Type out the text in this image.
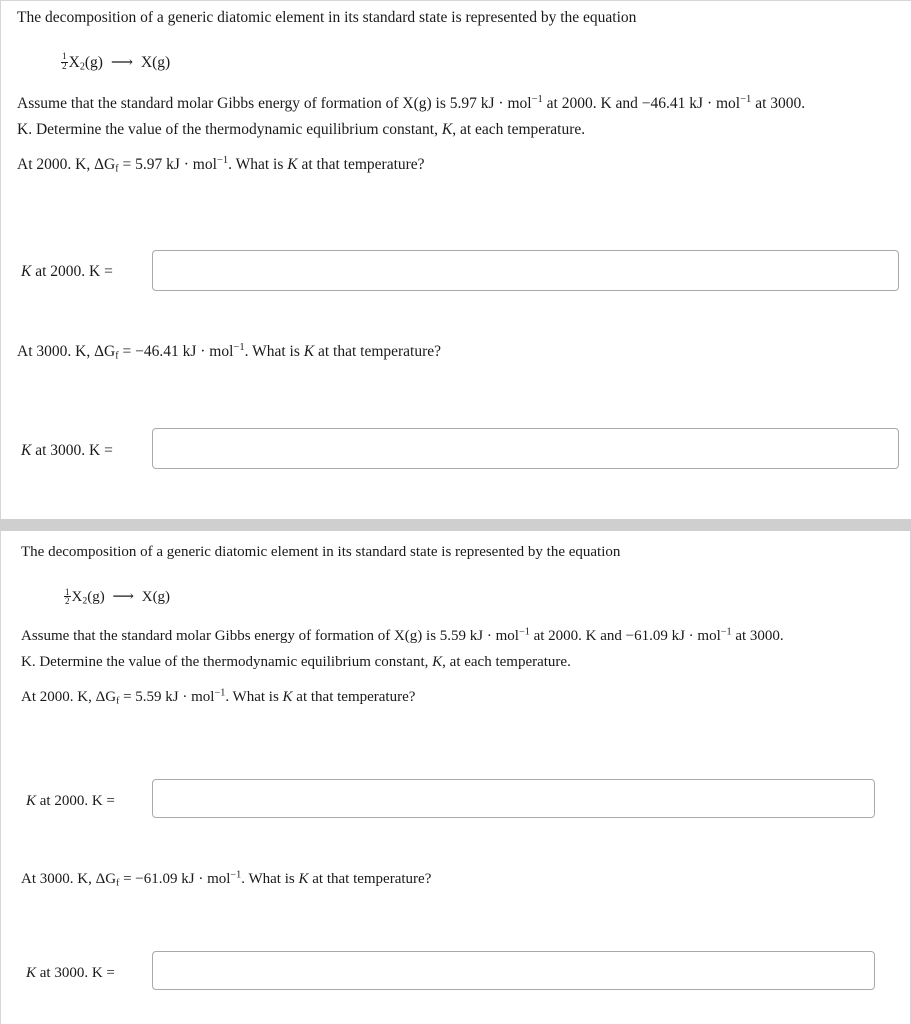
The decomposition of a generic diatomic element in its standard state is represented by the equation
$\frac{1}{2} X_2(g)$ ⟶ X(g)
Assume that the standard molar Gibbs energy of formation of X(g) is 5.97 kJ · mol$^{-1}$ at 2000. K and −46.41 kJ · mol$^{-1}$ at 3000.
K. Determine the value of the thermodynamic equilibrium constant, K, at each temperature.
At 2000. K, $\Delta G_f = 5.97$ kJ · mol$^{-1}$. What is K at that temperature?
K at 2000. K =
At 3000. K, $\Delta G_f = -46.41$ kJ · mol$^{-1}$. What is K at that temperature?
K at 3000. K =
The decomposition of a generic diatomic element in its standard state is represented by the equation
$\frac{1}{2} X_2(g)$ ⟶ X(g)
Assume that the standard molar Gibbs energy of formation of X(g) is 5.59 kJ · mol$^{-1}$ at 2000. K and −61.09 kJ · mol$^{-1}$ at 3000.
K. Determine the value of the thermodynamic equilibrium constant, K, at each temperature.
At 2000. K, $\Delta G_f = 5.59$ kJ · mol$^{-1}$. What is K at that temperature?
K at 2000. K =
At 3000. K, $\Delta G_f = -61.09$ kJ · mol$^{-1}$. What is K at that temperature?
K at 3000. K =
